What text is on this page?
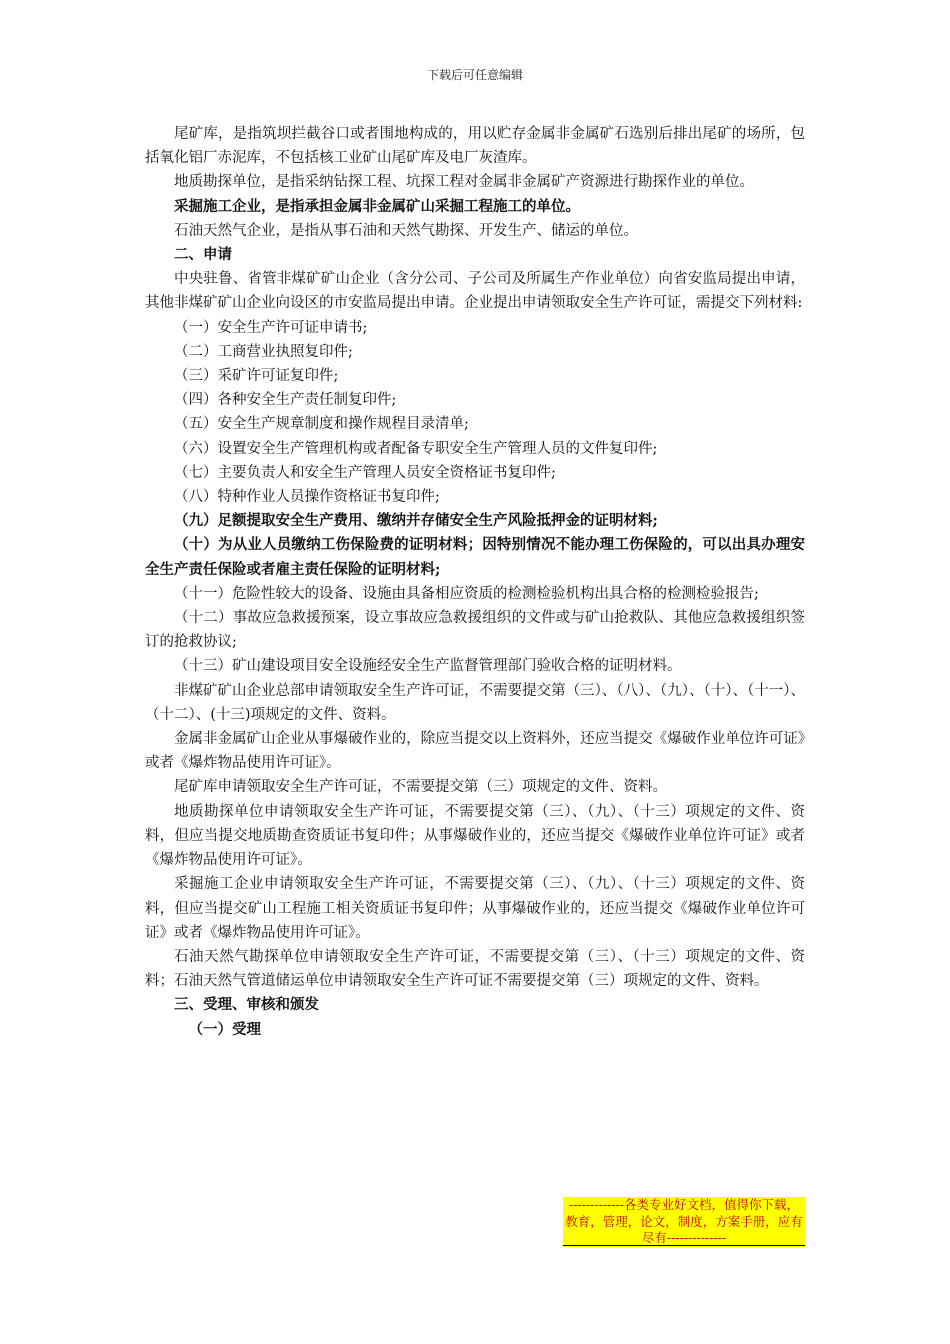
下载后可任意编辑

尾矿库，是指筑坝拦截谷口或者围地构成的，用以贮存金属非金属矿石选别后排出尾矿的场所，包括氧化铝厂赤泥库，不包括核工业矿山尾矿库及电厂灰渣库。

地质勘探单位，是指采纳钻探工程、坑探工程对金属非金属矿产资源进行勘探作业的单位。

采掘施工企业，是指承担金属非金属矿山采掘工程施工的单位。

石油天然气企业，是指从事石油和天然气勘探、开发生产、储运的单位。

二、申请

中央驻鲁、省管非煤矿矿山企业（含分公司、子公司及所属生产作业单位）向省安监局提出申请，其他非煤矿矿山企业向设区的市安监局提出申请。企业提出申请领取安全生产许可证，需提交下列材料:

（一）安全生产许可证申请书;

（二）工商营业执照复印件;

（三）采矿许可证复印件;

（四）各种安全生产责任制复印件;

（五）安全生产规章制度和操作规程目录清单;

（六）设置安全生产管理机构或者配备专职安全生产管理人员的文件复印件;

（七）主要负责人和安全生产管理人员安全资格证书复印件;

（八）特种作业人员操作资格证书复印件;

（九）足额提取安全生产费用、缴纳并存储安全生产风险抵押金的证明材料;

（十）为从业人员缴纳工伤保险费的证明材料；因特别情况不能办理工伤保险的，可以出具办理安全生产责任保险或者雇主责任保险的证明材料;

（十一）危险性较大的设备、设施由具备相应资质的检测检验机构出具合格的检测检验报告;

（十二）事故应急救援预案，设立事故应急救援组织的文件或与矿山抢救队、其他应急救援组织签订的抢救协议;

（十三）矿山建设项目安全设施经安全生产监督管理部门验收合格的证明材料。

非煤矿矿山企业总部申请领取安全生产许可证，不需要提交第（三）、（八）、（九）、（十）、（十一）、（十二）、(十三)项规定的文件、资料。

金属非金属矿山企业从事爆破作业的，除应当提交以上资料外，还应当提交《爆破作业单位许可证》或者《爆炸物品使用许可证》。

尾矿库申请领取安全生产许可证，不需要提交第（三）项规定的文件、资料。

地质勘探单位申请领取安全生产许可证，不需要提交第（三）、（九）、（十三）项规定的文件、资料，但应当提交地质勘查资质证书复印件；从事爆破作业的，还应当提交《爆破作业单位许可证》或者《爆炸物品使用许可证》。

采掘施工企业申请领取安全生产许可证，不需要提交第（三）、（九）、（十三）项规定的文件、资料，但应当提交矿山工程施工相关资质证书复印件；从事爆破作业的，还应当提交《爆破作业单位许可证》或者《爆炸物品使用许可证》。

石油天然气勘探单位申请领取安全生产许可证，不需要提交第（三）、（十三）项规定的文件、资料；石油天然气管道储运单位申请领取安全生产许可证不需要提交第（三）项规定的文件、资料。

三、受理、审核和颁发

（一）受理

-------------各类专业好文档，值得你下载，教育，管理，论文，制度，方案手册，应有尽有--------------
